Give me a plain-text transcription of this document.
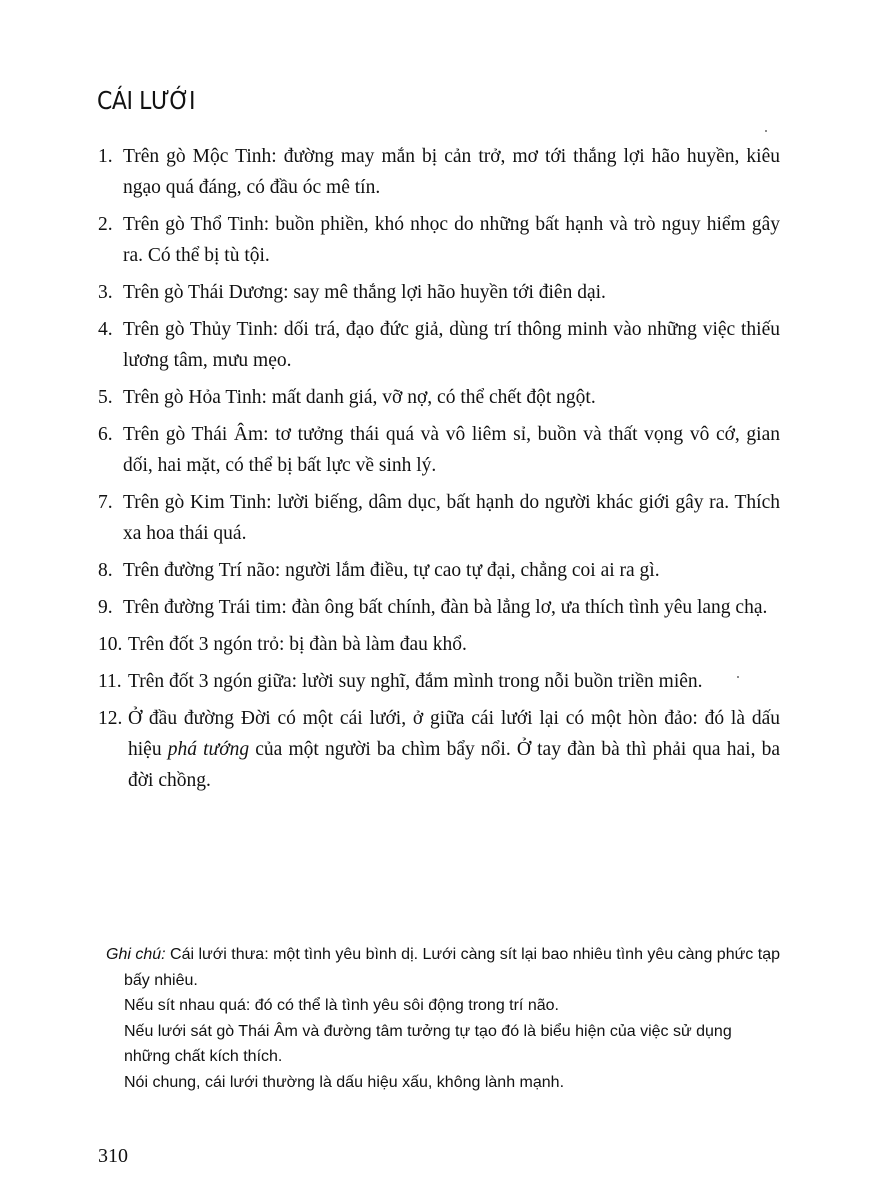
CÁI LƯỚI
1. Trên gò Mộc Tinh: đường may mắn bị cản trở, mơ tới thắng lợi hão huyền, kiêu ngạo quá đáng, có đầu óc mê tín.
2. Trên gò Thổ Tinh: buồn phiền, khó nhọc do những bất hạnh và trò nguy hiểm gây ra. Có thể bị tù tội.
3. Trên gò Thái Dương: say mê thắng lợi hão huyền tới điên dại.
4. Trên gò Thủy Tinh: dối trá, đạo đức giả, dùng trí thông minh vào những việc thiếu lương tâm, mưu mẹo.
5. Trên gò Hỏa Tinh: mất danh giá, vỡ nợ, có thể chết đột ngột.
6. Trên gò Thái Âm: tơ tưởng thái quá và vô liêm sỉ, buồn và thất vọng vô cớ, gian dối, hai mặt, có thể bị bất lực về sinh lý.
7. Trên gò Kim Tinh: lười biếng, dâm dục, bất hạnh do người khác giới gây ra. Thích xa hoa thái quá.
8. Trên đường Trí não: người lắm điều, tự cao tự đại, chẳng coi ai ra gì.
9. Trên đường Trái tim: đàn ông bất chính, đàn bà lẳng lơ, ưa thích tình yêu lang chạ.
10. Trên đốt 3 ngón trỏ: bị đàn bà làm đau khổ.
11. Trên đốt 3 ngón giữa: lười suy nghĩ, đắm mình trong nỗi buồn triền miên.
12. Ở đầu đường Đời có một cái lưới, ở giữa cái lưới lại có một hòn đảo: đó là dấu hiệu phá tướng của một người ba chìm bẩy nổi. Ở tay đàn bà thì phải qua hai, ba đời chồng.

Ghi chú: Cái lưới thưa: một tình yêu bình dị. Lưới càng sít lại bao nhiêu tình yêu càng phức tạp bấy nhiêu.

Nếu sít nhau quá: đó có thể là tình yêu sôi động trong trí não.

Nếu lưới sát gò Thái Âm và đường tâm tưởng tự tạo đó là biểu hiện của việc sử dụng những chất kích thích.

Nói chung, cái lưới thường là dấu hiệu xấu, không lành mạnh.

310
